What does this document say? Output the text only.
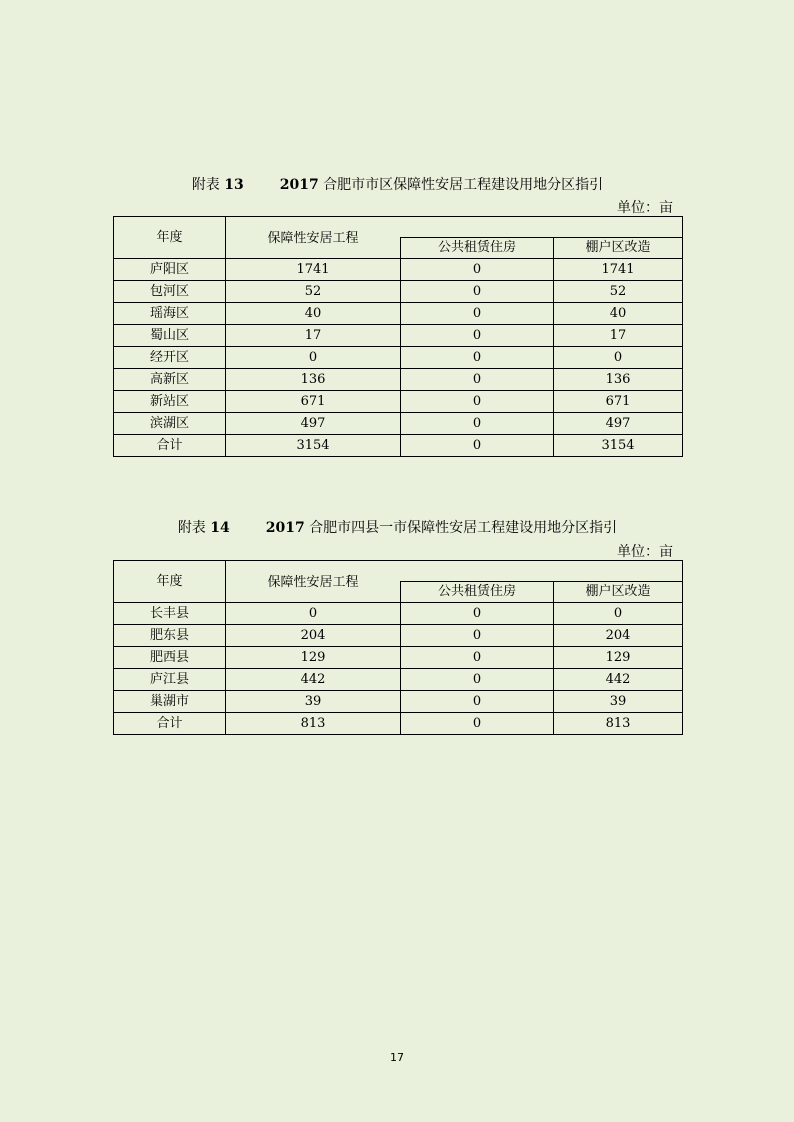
附表 13	2017 合肥市市区保障性安居工程建设用地分区指引
单位：亩
年度	保障性安居工程		
		公共租赁住房	棚户区改造
庐阳区	1741	0	1741
包河区	52	0	52
瑶海区	40	0	40
蜀山区	17	0	17
经开区	0	0	0
高新区	136	0	136
新站区	671	0	671
滨湖区	497	0	497
合计	3154	0	3154
附表 14	2017 合肥市四县一市保障性安居工程建设用地分区指引
单位：亩
年度	保障性安居工程		
		公共租赁住房	棚户区改造
长丰县	0	0	0
肥东县	204	0	204
肥西县	129	0	129
庐江县	442	0	442
巢湖市	39	0	39
合计	813	0	813
17
